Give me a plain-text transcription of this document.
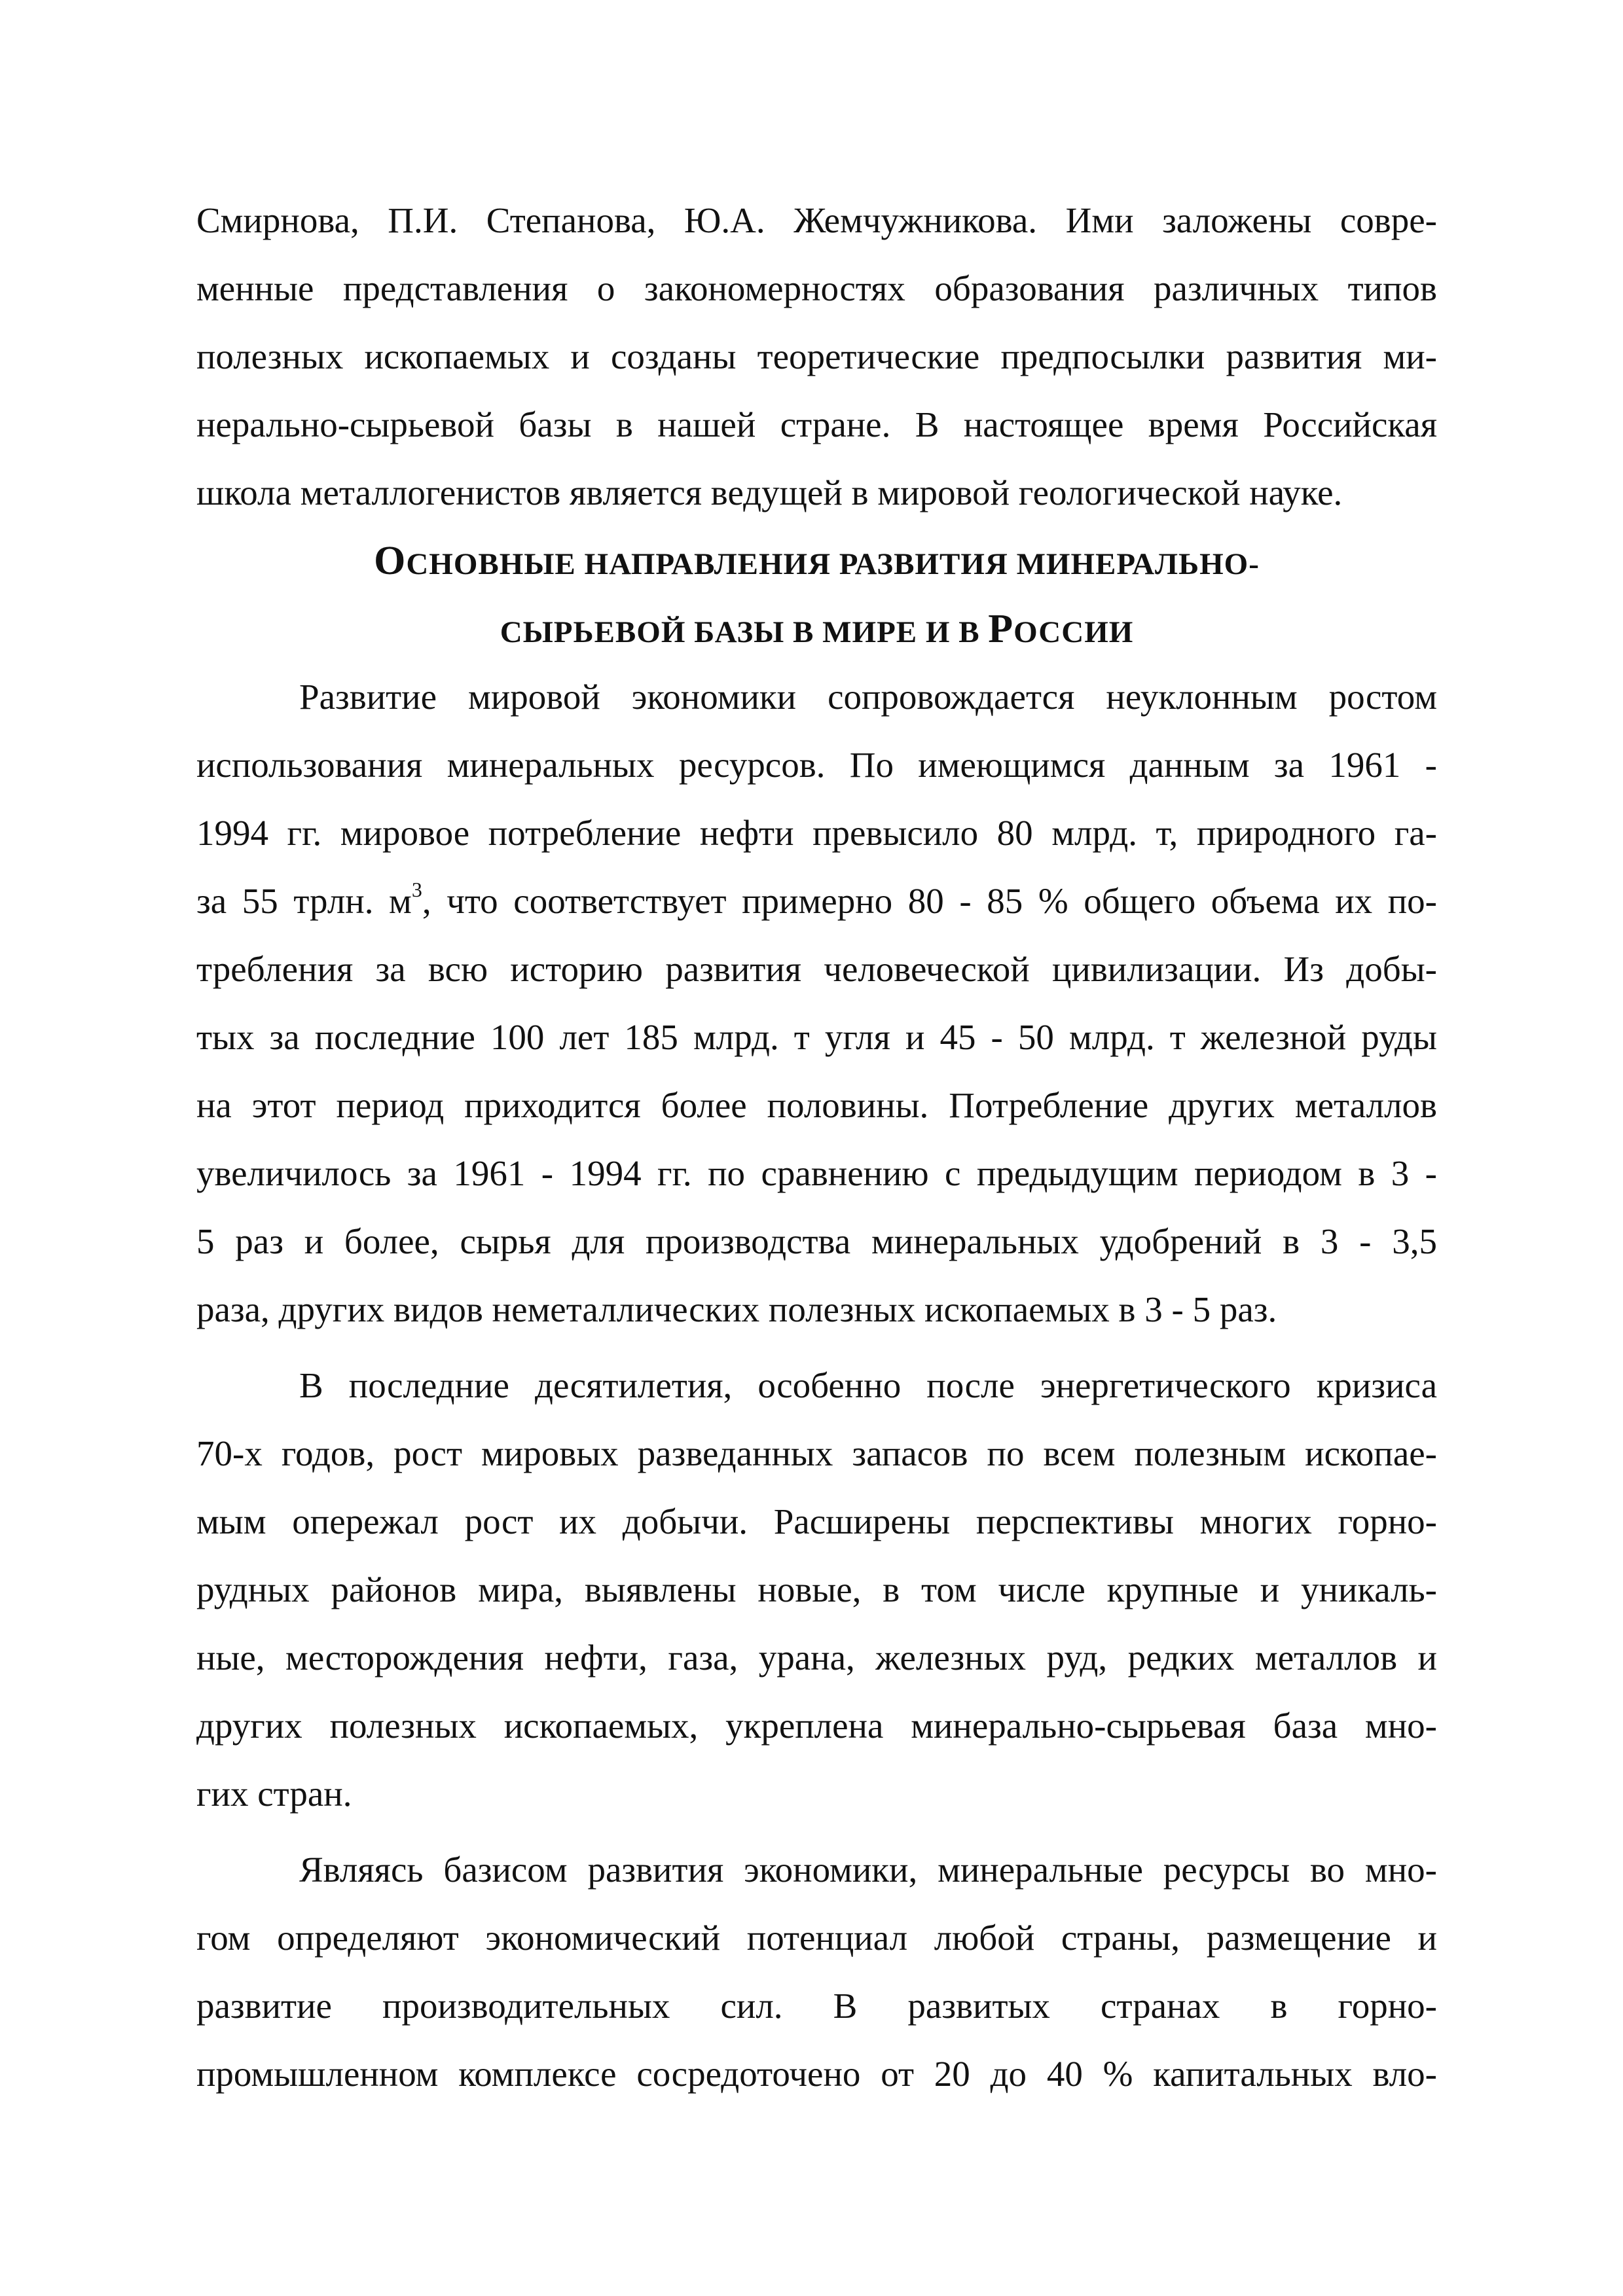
Смирнова, П.И. Степанова, Ю.А. Жемчужникова. Ими заложены совре-
менные представления о закономерностях образования различных типов
полезных ископаемых и созданы теоретические предпосылки развития ми-
нерально-сырьевой базы в нашей стране. В настоящее время Российская
школа металлогенистов является ведущей в мировой геологической науке.
ОСНОВНЫЕ НАПРАВЛЕНИЯ РАЗВИТИЯ МИНЕРАЛЬНО-
СЫРЬЕВОЙ БАЗЫ В МИРЕ И В РОССИИ
Развитие мировой экономики сопровождается неуклонным ростом
использования минеральных ресурсов. По имеющимся данным за 1961 -
1994 гг. мировое потребление нефти превысило 80 млрд. т, природного га-
за 55 трлн. $м^3$, что соответствует примерно 80 - 85 % общего объема их по-
требления за всю историю развития человеческой цивилизации. Из добы-
тых за последние 100 лет 185 млрд. т угля и 45 - 50 млрд. т железной руды
на этот период приходится более половины. Потребление других металлов
увеличилось за 1961 - 1994 гг. по сравнению с предыдущим периодом в 3 -
5 раз и более, сырья для производства минеральных удобрений в 3 - 3,5
раза, других видов неметаллических полезных ископаемых в 3 - 5 раз.
В последние десятилетия, особенно после энергетического кризиса
70-х годов, рост мировых разведанных запасов по всем полезным ископае-
мым опережал рост их добычи. Расширены перспективы многих горно-
рудных районов мира, выявлены новые, в том числе крупные и уникаль-
ные, месторождения нефти, газа, урана, железных руд, редких металлов и
других полезных ископаемых, укреплена минерально-сырьевая база мно-
гих стран.
Являясь базисом развития экономики, минеральные ресурсы во мно-
гом определяют экономический потенциал любой страны, размещение и
развитие производительных сил. В развитых странах в горно-
промышленном комплексе сосредоточено от 20 до 40 % капитальных вло-
